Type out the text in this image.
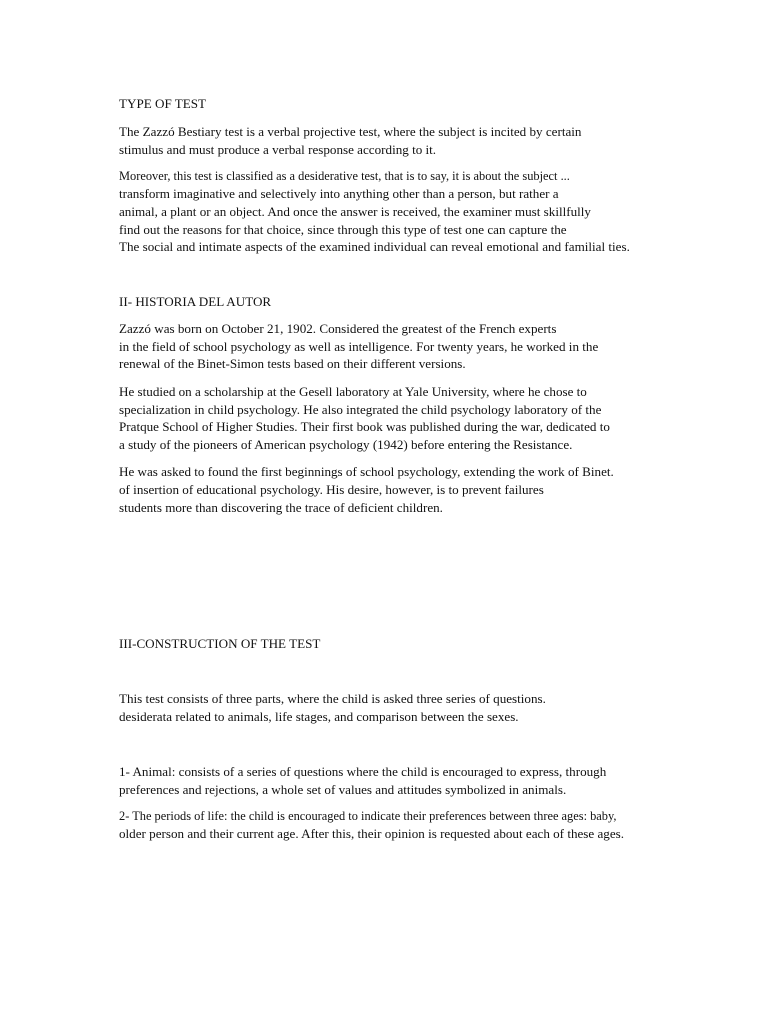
TYPE OF TEST
The Zazzó Bestiary test is a verbal projective test, where the subject is incited by certain
stimulus and must produce a verbal response according to it.
Moreover, this test is classified as a desiderative test, that is to say, it is about the subject ...
transform imaginative and selectively into anything other than a person, but rather a
animal, a plant or an object. And once the answer is received, the examiner must skillfully
find out the reasons for that choice, since through this type of test one can capture the
The social and intimate aspects of the examined individual can reveal emotional and familial ties.
II- HISTORIA DEL AUTOR
Zazzó was born on October 21, 1902. Considered the greatest of the French experts
in the field of school psychology as well as intelligence. For twenty years, he worked in the
renewal of the Binet-Simon tests based on their different versions.
He studied on a scholarship at the Gesell laboratory at Yale University, where he chose to
specialization in child psychology. He also integrated the child psychology laboratory of the
Pratque School of Higher Studies. Their first book was published during the war, dedicated to
a study of the pioneers of American psychology (1942) before entering the Resistance.
He was asked to found the first beginnings of school psychology, extending the work of Binet.
of insertion of educational psychology. His desire, however, is to prevent failures
students more than discovering the trace of deficient children.
III-CONSTRUCTION OF THE TEST
This test consists of three parts, where the child is asked three series of questions.
desiderata related to animals, life stages, and comparison between the sexes.
1- Animal: consists of a series of questions where the child is encouraged to express, through
preferences and rejections, a whole set of values and attitudes symbolized in animals.
2- The periods of life: the child is encouraged to indicate their preferences between three ages: baby,
older person and their current age. After this, their opinion is requested about each of these ages.
